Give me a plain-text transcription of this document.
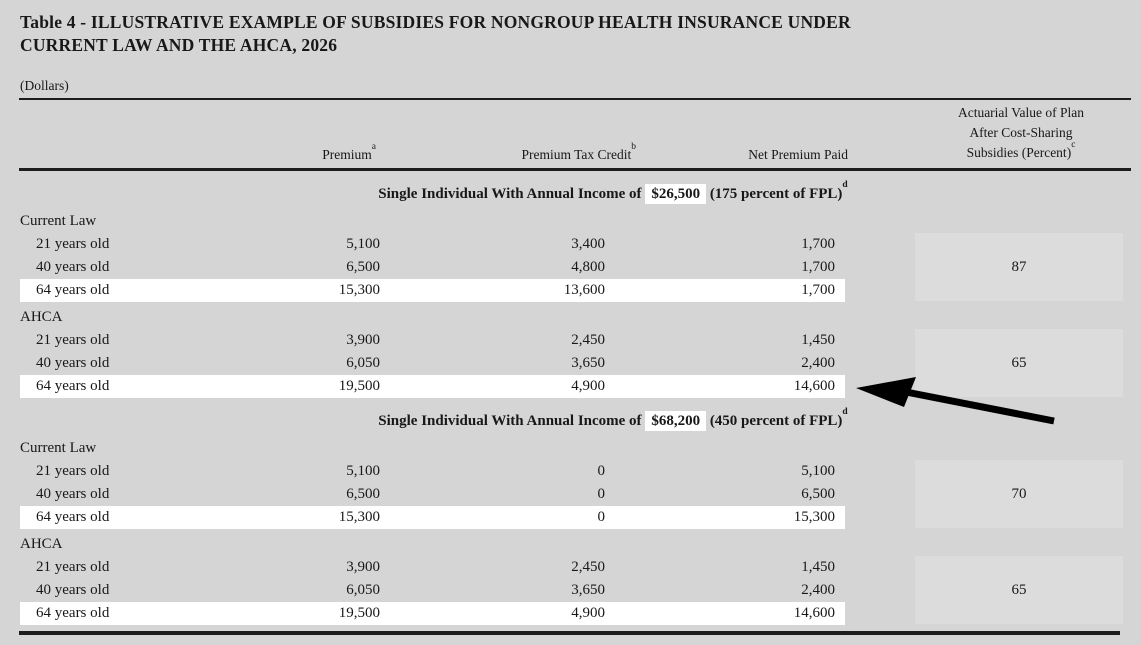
Table 4 - ILLUSTRATIVE EXAMPLE OF SUBSIDIES FOR NONGROUP HEALTH INSURANCE UNDER
CURRENT LAW AND THE AHCA, 2026
(Dollars)
Premium$^a$
Premium Tax Credit$^b$
Net Premium Paid
Actuarial Value of Plan
After Cost-Sharing
Subsidies (Percent)$^c$
Single Individual With Annual Income of $26,500 (175 percent of FPL)$^d$
Current Law
21 years old	5,100	3,400	1,700
40 years old	6,500	4,800	1,700
64 years old	15,300	13,600	1,700
87
AHCA
21 years old	3,900	2,450	1,450
40 years old	6,050	3,650	2,400
64 years old	19,500	4,900	14,600
65
Single Individual With Annual Income of $68,200 (450 percent of FPL)$^d$
Current Law
21 years old	5,100	0	5,100
40 years old	6,500	0	6,500
64 years old	15,300	0	15,300
70
AHCA
21 years old	3,900	2,450	1,450
40 years old	6,050	3,650	2,400
64 years old	19,500	4,900	14,600
65
